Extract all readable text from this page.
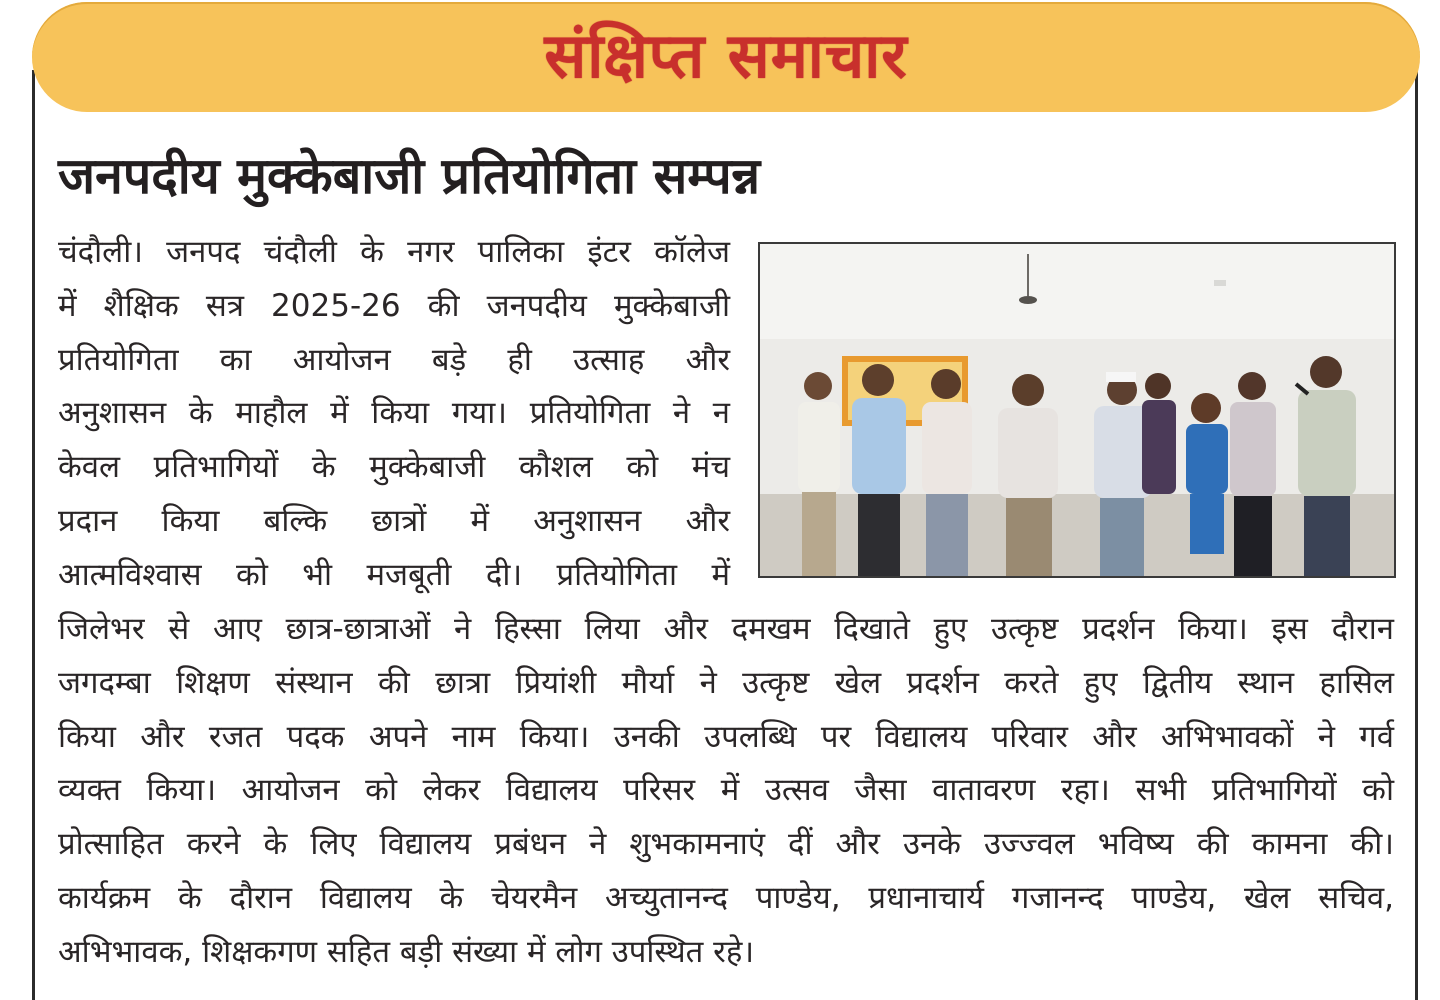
संक्षिप्त समाचार
जनपदीय मुक्केबाजी प्रतियोगिता सम्पन्न
चंदौली। जनपद चंदौली के नगर पालिका इंटर कॉलेज
में शैक्षिक सत्र 2025-26 की जनपदीय मुक्केबाजी
प्रतियोगिता का आयोजन बड़े ही उत्साह और
अनुशासन के माहौल में किया गया। प्रतियोगिता ने न
केवल प्रतिभागियों के मुक्केबाजी कौशल को मंच
प्रदान किया बल्कि छात्रों में अनुशासन और
आत्मविश्वास को भी मजबूती दी। प्रतियोगिता में
जिलेभर से आए छात्र-छात्राओं ने हिस्सा लिया और दमखम दिखाते हुए उत्कृष्ट प्रदर्शन किया। इस दौरान
जगदम्बा शिक्षण संस्थान की छात्रा प्रियांशी मौर्या ने उत्कृष्ट खेल प्रदर्शन करते हुए द्वितीय स्थान हासिल
किया और रजत पदक अपने नाम किया। उनकी उपलब्धि पर विद्यालय परिवार और अभिभावकों ने गर्व
व्यक्त किया। आयोजन को लेकर विद्यालय परिसर में उत्सव जैसा वातावरण रहा। सभी प्रतिभागियों को
प्रोत्साहित करने के लिए विद्यालय प्रबंधन ने शुभकामनाएं दीं और उनके उज्ज्वल भविष्य की कामना की।
कार्यक्रम के दौरान विद्यालय के चेयरमैन अच्युतानन्द पाण्डेय, प्रधानाचार्य गजानन्द पाण्डेय, खेल सचिव,
अभिभावक, शिक्षकगण सहित बड़ी संख्या में लोग उपस्थित रहे।
